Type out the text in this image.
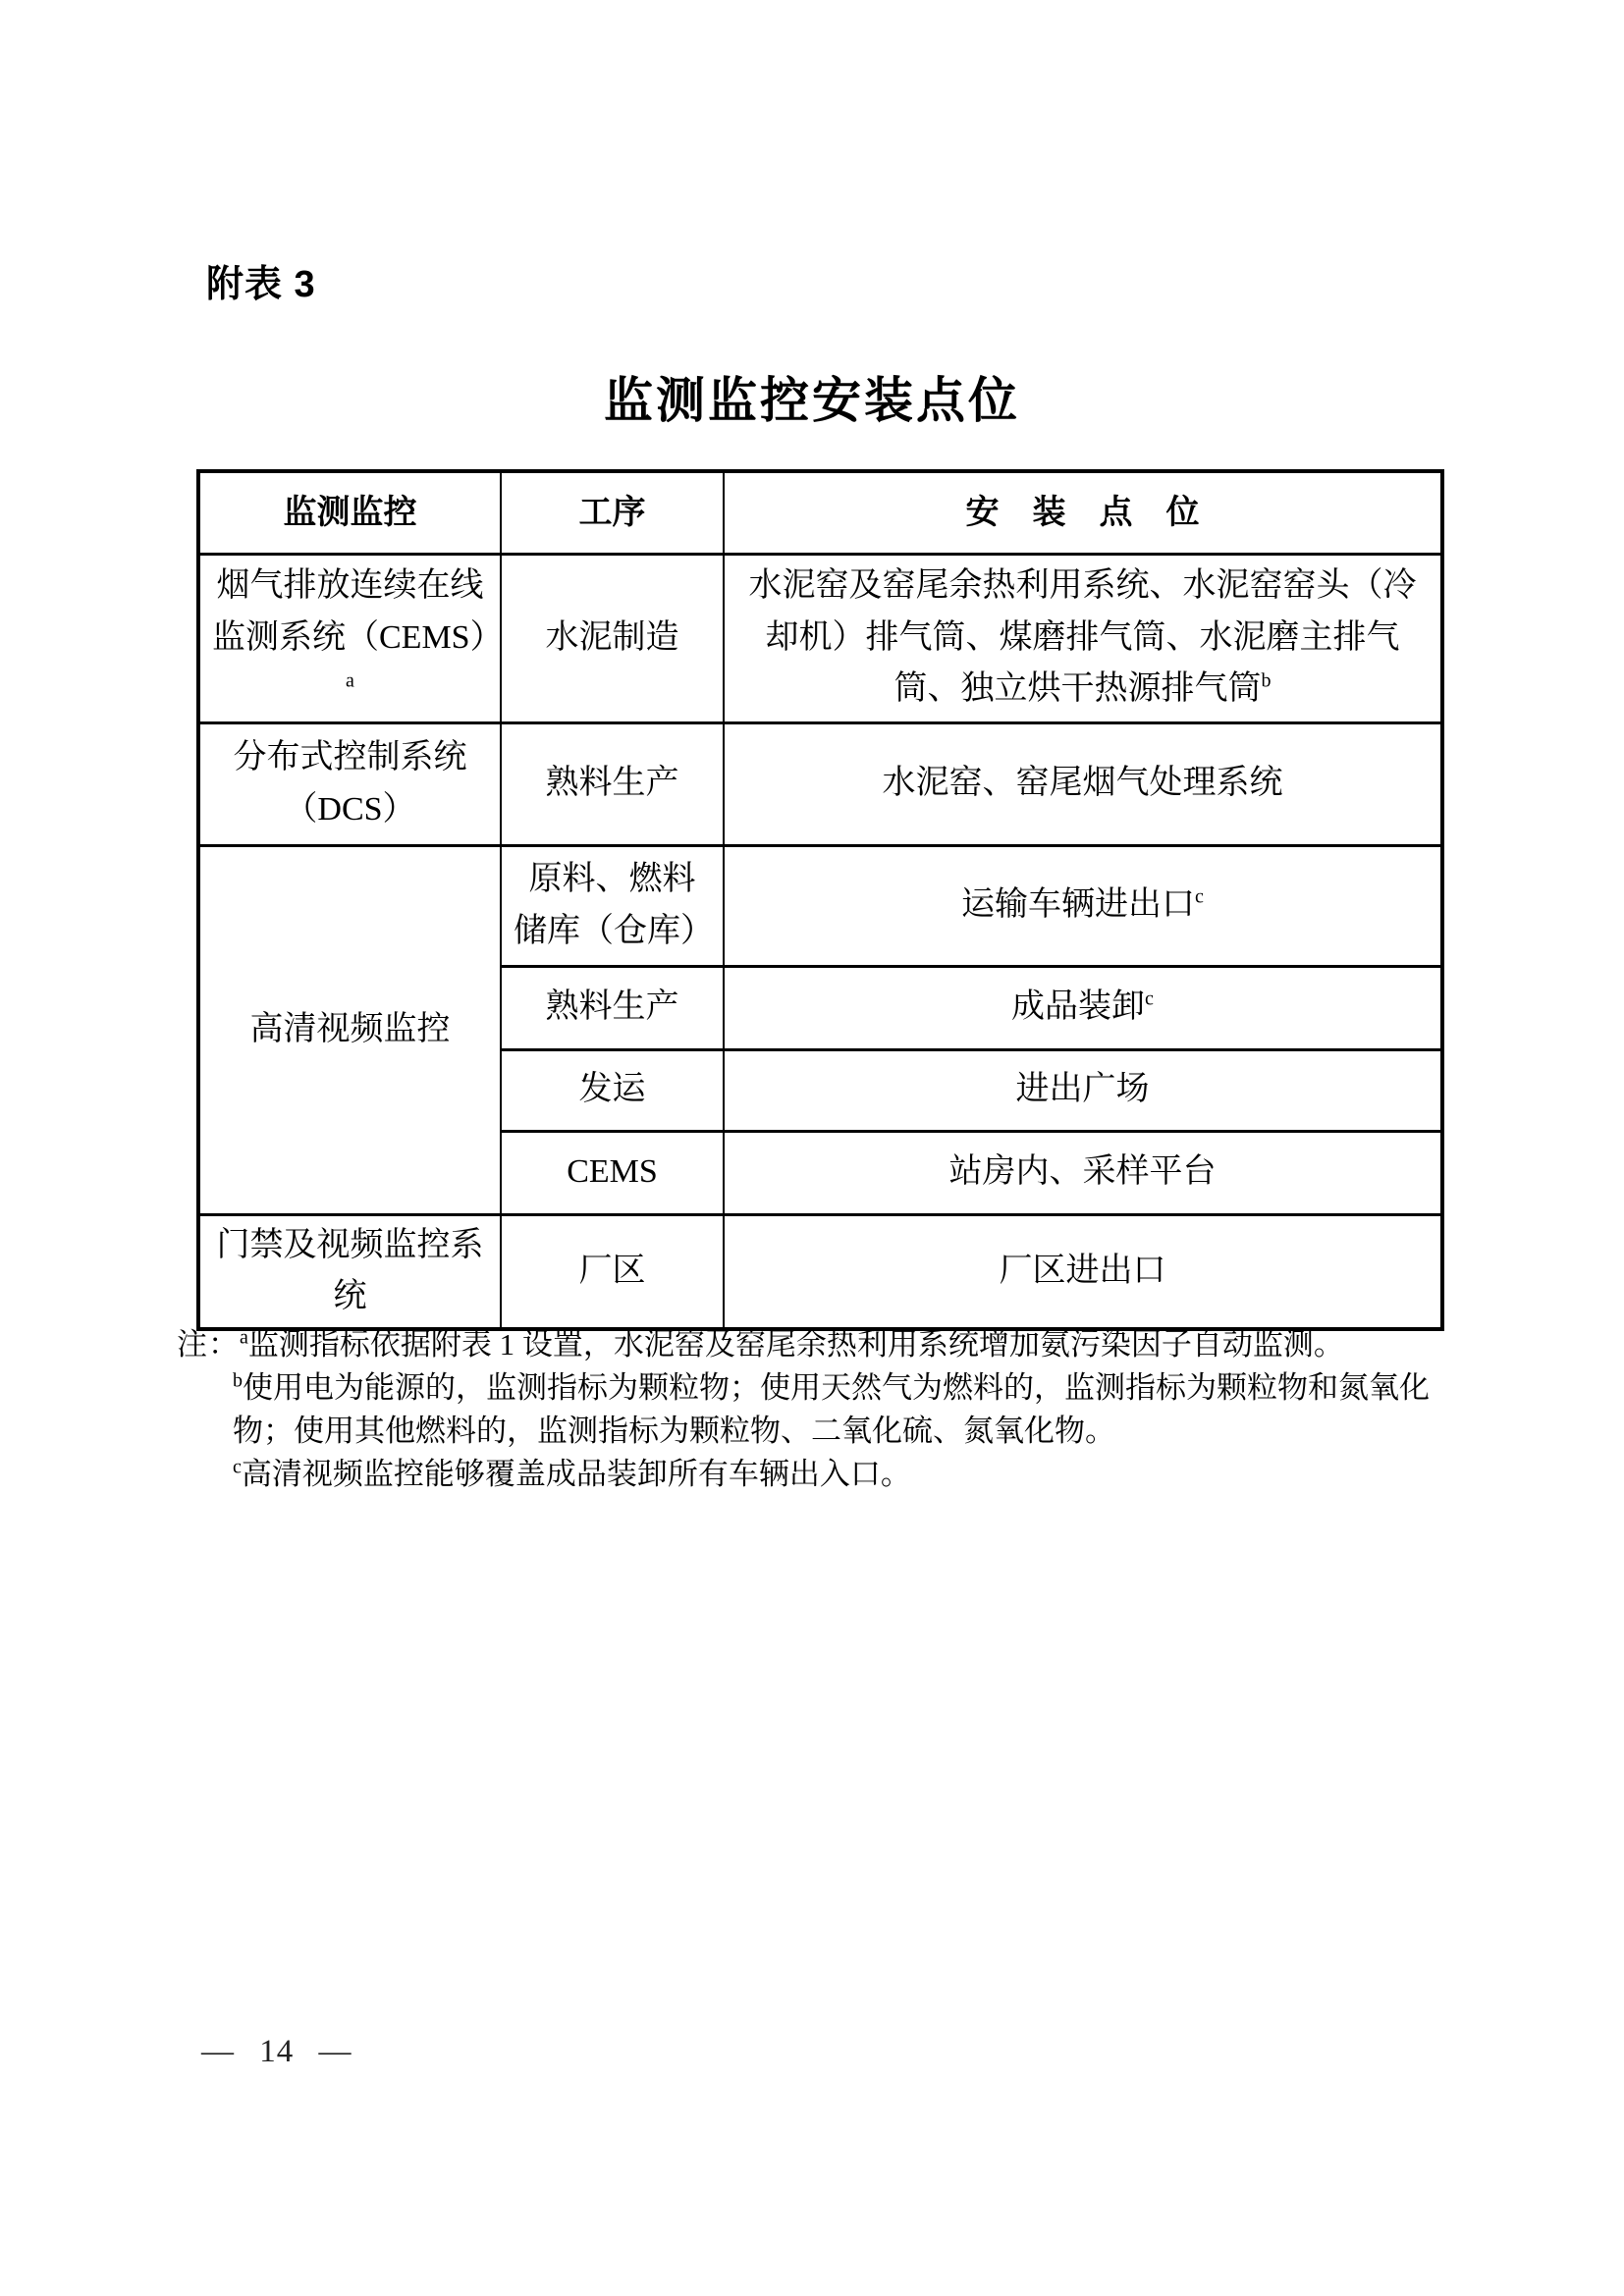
附表 3
监测监控安装点位
监测监控	工序	安　装　点　位
烟气排放连续在线监测系统（CEMS）$^a$	水泥制造	水泥窑及窑尾余热利用系统、水泥窑窑头（冷却机）排气筒、煤磨排气筒、水泥磨主排气筒、独立烘干热源排气筒$^b$
分布式控制系统（DCS）	熟料生产	水泥窑、窑尾烟气处理系统
高清视频监控	原料、燃料储库（仓库）	运输车辆进出口$^c$
	熟料生产	成品装卸$^c$
	发运	进出广场
	CEMS	站房内、采样平台
门禁及视频监控系统	厂区	厂区进出口
注：$^a$监测指标依据附表 1 设置，水泥窑及窑尾余热利用系统增加氨污染因子自动监测。
$^b$使用电为能源的，监测指标为颗粒物；使用天然气为燃料的，监测指标为颗粒物和氮氧化物；使用其他燃料的，监测指标为颗粒物、二氧化硫、氮氧化物。
$^c$高清视频监控能够覆盖成品装卸所有车辆出入口。
— 14 —
